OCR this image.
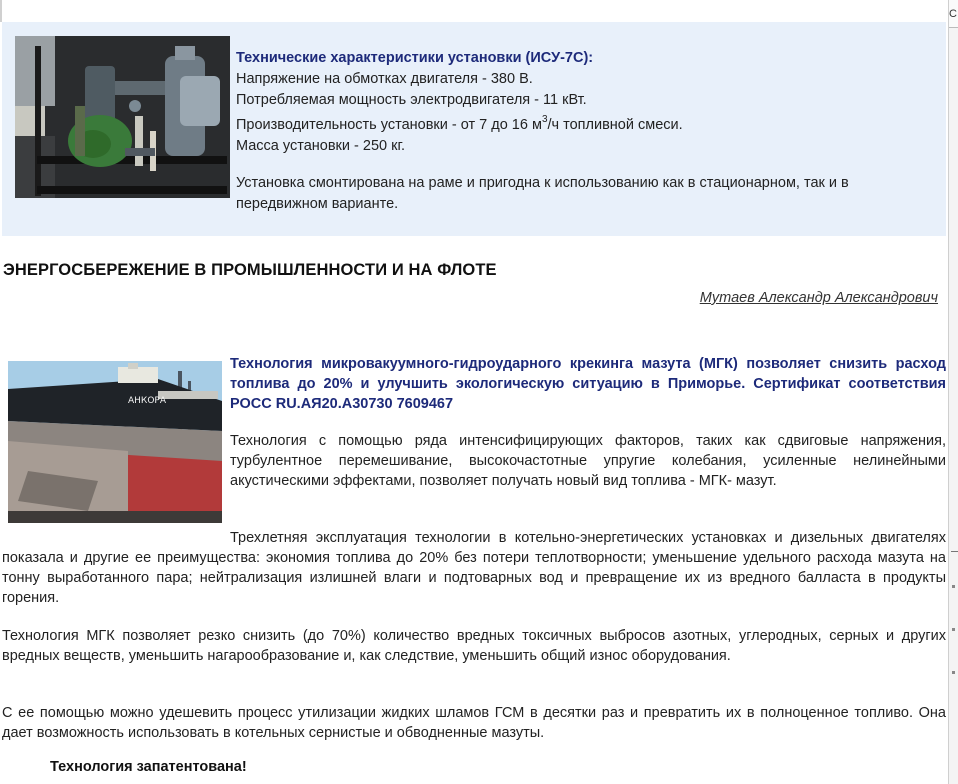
Технические характеристики установки (ИСУ-7С):
Напряжение на обмотках двигателя - 380 В.
Потребляемая мощность электродвигателя - 11 кВт.
Производительность установки - от 7 до 16 $м^3/ч$ топливной смеси.
Масса установки - 250 кг.
Установка смонтирована на раме и пригодна к использованию как в стационарном, так и в передвижном варианте.
ЭНЕРГОСБЕРЕЖЕНИЕ В ПРОМЫШЛЕННОСТИ И НА ФЛОТЕ
Мутаев Александр Александрович
АНКОРА
Технология микровакуумного-гидроударного крекинга мазута (МГК) позволяет снизить расход топлива до 20% и улучшить экологическую ситуацию в Приморье. Сертификат соответствия РОСС RU.АЯ20.А30730 7609467
Технология с помощью ряда интенсифицирующих факторов, таких как сдвиговые напряжения, турбулентное перемешивание, высокочастотные упругие колебания, усиленные нелинейными акустическими эффектами, позволяет получать новый вид топлива - МГК- мазут.
Трехлетняя эксплуатация технологии в котельно-энергетических установках и дизельных двигателях показала и другие ее преимущества: экономия топлива до 20% без потери теплотворности; уменьшение удельного расхода мазута на тонну выработанного пара; нейтрализация излишней влаги и подтоварных вод и превращение их из вредного балласта в продукты горения.
Технология МГК позволяет резко снизить (до 70%) количество вредных токсичных выбросов азотных, углеродных, серных и других вредных веществ, уменьшить нагарообразование и, как следствие, уменьшить общий износ оборудования.
С ее помощью можно удешевить процесс утилизации жидких шламов ГСМ в десятки раз и превратить их в полноценное топливо. Она дает возможность использовать в котельных сернистые и обводненные мазуты.
Технология запатентована!
С
